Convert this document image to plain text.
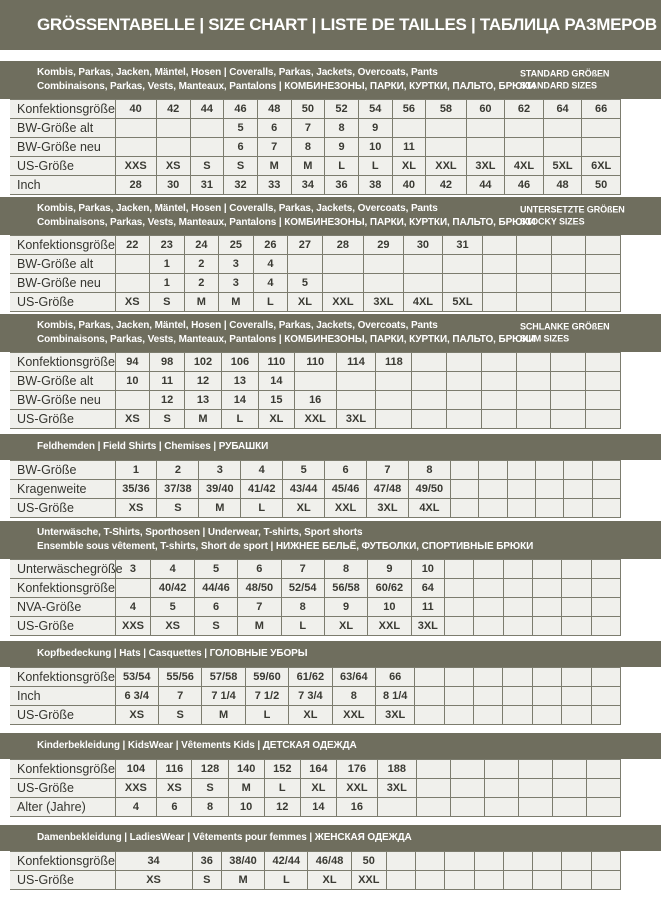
GRÖSSENTABELLE | SIZE CHART | LISTE DE TAILLES | ТАБЛИЦА РАЗМЕРОВ
Kombis, Parkas, Jacken, Mäntel, Hosen | Coveralls, Parkas, Jackets, Overcoats, Pants
Combinaisons, Parkas, Vests, Manteaux, Pantalons | КОМБИНЕЗОНЫ, ПАРКИ, КУРТКИ, ПАЛЬТО, БРЮКИ
STANDARD GRÖßEN
STANDARD SIZES
Konfektionsgröße	40	42	44	46	48	50	52	54	56	58	60	62	64	66
BW-Größe alt				5	6	7	8	9						
BW-Größe neu				6	7	8	9	10	11					
US-Größe	XXS	XS	S	S	M	M	L	L	XL	XXL	3XL	4XL	5XL	6XL
Inch	28	30	31	32	33	34	36	38	40	42	44	46	48	50
Kombis, Parkas, Jacken, Mäntel, Hosen | Coveralls, Parkas, Jackets, Overcoats, Pants
Combinaisons, Parkas, Vests, Manteaux, Pantalons | КОМБИНЕЗОНЫ, ПАРКИ, КУРТКИ, ПАЛЬТО, БРЮКИ
UNTERSETZTE GRÖßEN
STOCKY SIZES
Konfektionsgröße	22	23	24	25	26	27	28	29	30	31				
BW-Größe alt		1	2	3	4									
BW-Größe neu		1	2	3	4	5								
US-Größe	XS	S	M	M	L	XL	XXL	3XL	4XL	5XL				
Kombis, Parkas, Jacken, Mäntel, Hosen | Coveralls, Parkas, Jackets, Overcoats, Pants
Combinaisons, Parkas, Vests, Manteaux, Pantalons | КОМБИНЕЗОНЫ, ПАРКИ, КУРТКИ, ПАЛЬТО, БРЮКИ
SCHLANKE GRÖßEN
SLIM SIZES
Konfektionsgröße	94	98	102	106	110	110	114	118						
BW-Größe alt	10	11	12	13	14									
BW-Größe neu		12	13	14	15	16								
US-Größe	XS	S	M	L	XL	XXL	3XL							
Feldhemden | Field Shirts | Chemises | РУБАШКИ
BW-Größe	1	2	3	4	5	6	7	8						
Kragenweite	35/36	37/38	39/40	41/42	43/44	45/46	47/48	49/50						
US-Größe	XS	S	M	L	XL	XXL	3XL	4XL						
Unterwäsche, T-Shirts, Sporthosen | Underwear, T-shirts, Sport shorts
Ensemble sous vêtement, T-shirts, Short de sport | НИЖНЕЕ БЕЛЬЁ, ФУТБОЛКИ, СПОРТИВНЫЕ БРЮКИ
Unterwäschegröße	3	4	5	6	7	8	9	10						
Konfektionsgröße		40/42	44/46	48/50	52/54	56/58	60/62	64						
NVA-Größe	4	5	6	7	8	9	10	11						
US-Größe	XXS	XS	S	M	L	XL	XXL	3XL						
Kopfbedeckung | Hats | Casquettes | ГОЛОВНЫЕ УБОРЫ
Konfektionsgröße	53/54	55/56	57/58	59/60	61/62	63/64	66							
Inch	6 3/4	7	7 1/4	7 1/2	7 3/4	8	8 1/4							
US-Größe	XS	S	M	L	XL	XXL	3XL							
Kinderbekleidung | KidsWear | Vêtements Kids | ДЕТСКАЯ ОДЕЖДА
Konfektionsgröße	104	116	128	140	152	164	176	188						
US-Größe	XXS	XS	S	M	L	XL	XXL	3XL						
Alter (Jahre)	4	6	8	10	12	14	16							
Damenbekleidung | LadiesWear | Vêtements pour femmes | ЖЕНСКАЯ ОДЕЖДА
Konfektionsgröße	34	36	38/40	42/44	46/48	50								
US-Größe	XS	S	M	L	XL	XXL								
